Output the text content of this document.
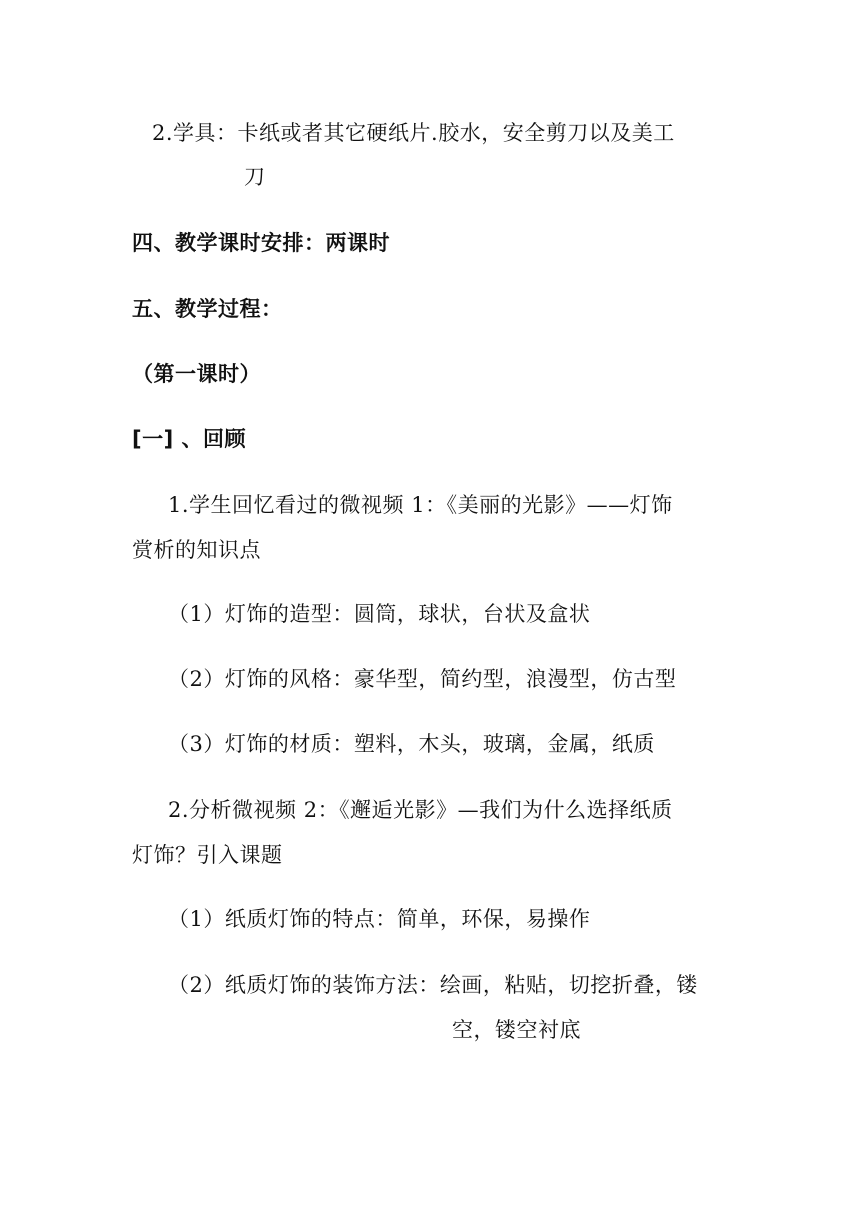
2.学具：卡纸或者其它硬纸片.胶水，安全剪刀以及美工
刀
四、教学课时安排：两课时
五、教学过程：
（第一课时）
[一] 、回顾
1.学生回忆看过的微视频 1：《美丽的光影》——灯饰
赏析的知识点
（1）灯饰的造型：圆筒，球状，台状及盒状
（2）灯饰的风格：豪华型，简约型，浪漫型，仿古型
（3）灯饰的材质：塑料，木头，玻璃，金属，纸质
2.分析微视频 2：《邂逅光影》—我们为什么选择纸质
灯饰？引入课题
（1）纸质灯饰的特点：简单，环保，易操作
（2）纸质灯饰的装饰方法：绘画，粘贴，切挖折叠，镂
空，镂空衬底
